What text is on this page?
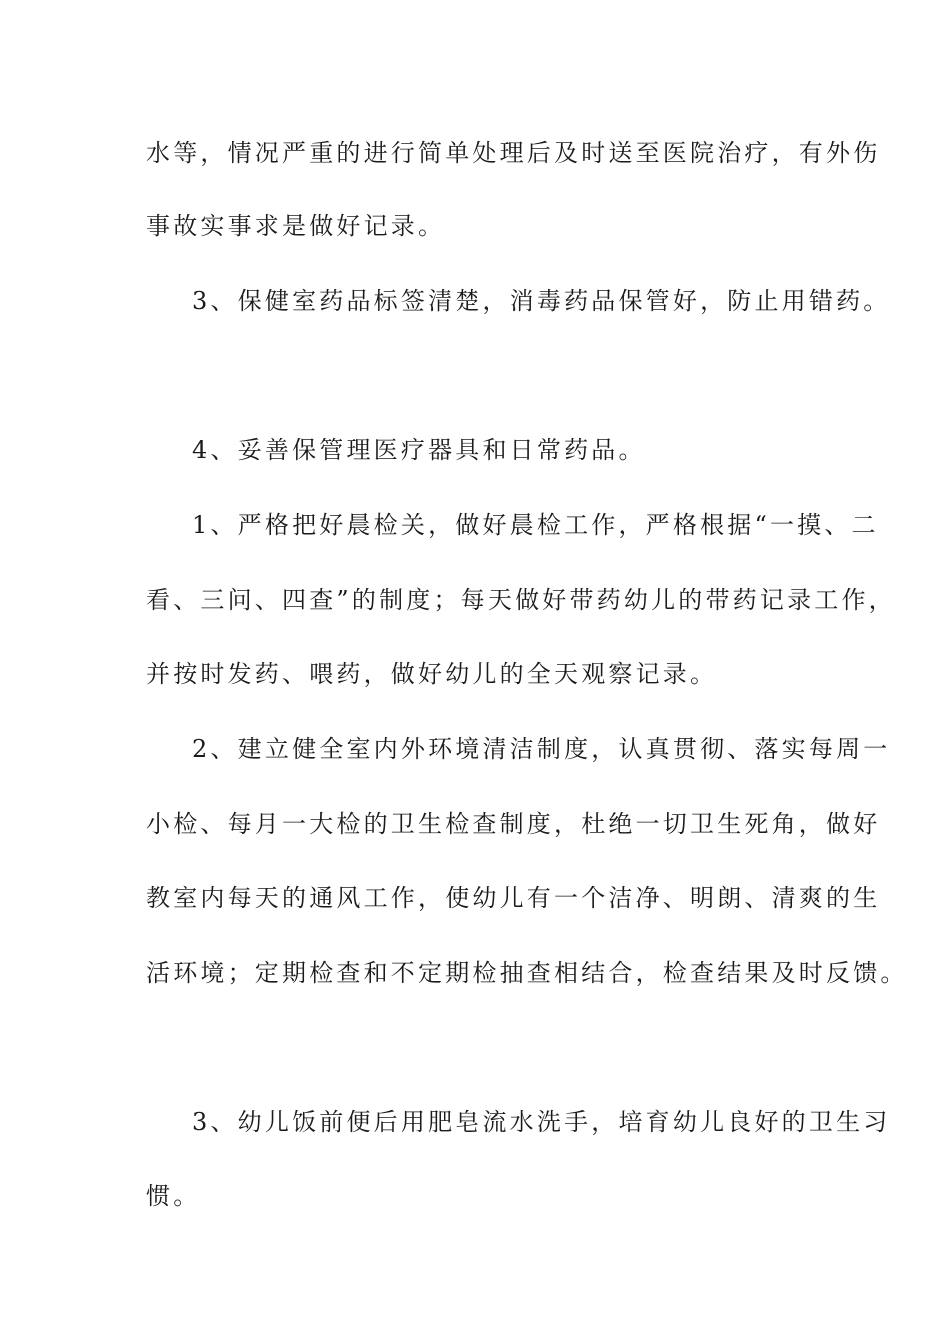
水等，情况严重的进行简单处理后及时送至医院治疗，有外伤
事故实事求是做好记录。
3、保健室药品标签清楚，消毒药品保管好，防止用错药。
4、妥善保管理医疗器具和日常药品。
1、严格把好晨检关，做好晨检工作，严格根据“一摸、二
看、三问、四查”的制度；每天做好带药幼儿的带药记录工作，
并按时发药、喂药，做好幼儿的全天观察记录。
2、建立健全室内外环境清洁制度，认真贯彻、落实每周一
小检、每月一大检的卫生检查制度，杜绝一切卫生死角，做好
教室内每天的通风工作，使幼儿有一个洁净、明朗、清爽的生
活环境；定期检查和不定期检抽查相结合，检查结果及时反馈。
3、幼儿饭前便后用肥皂流水洗手，培育幼儿良好的卫生习
惯。
